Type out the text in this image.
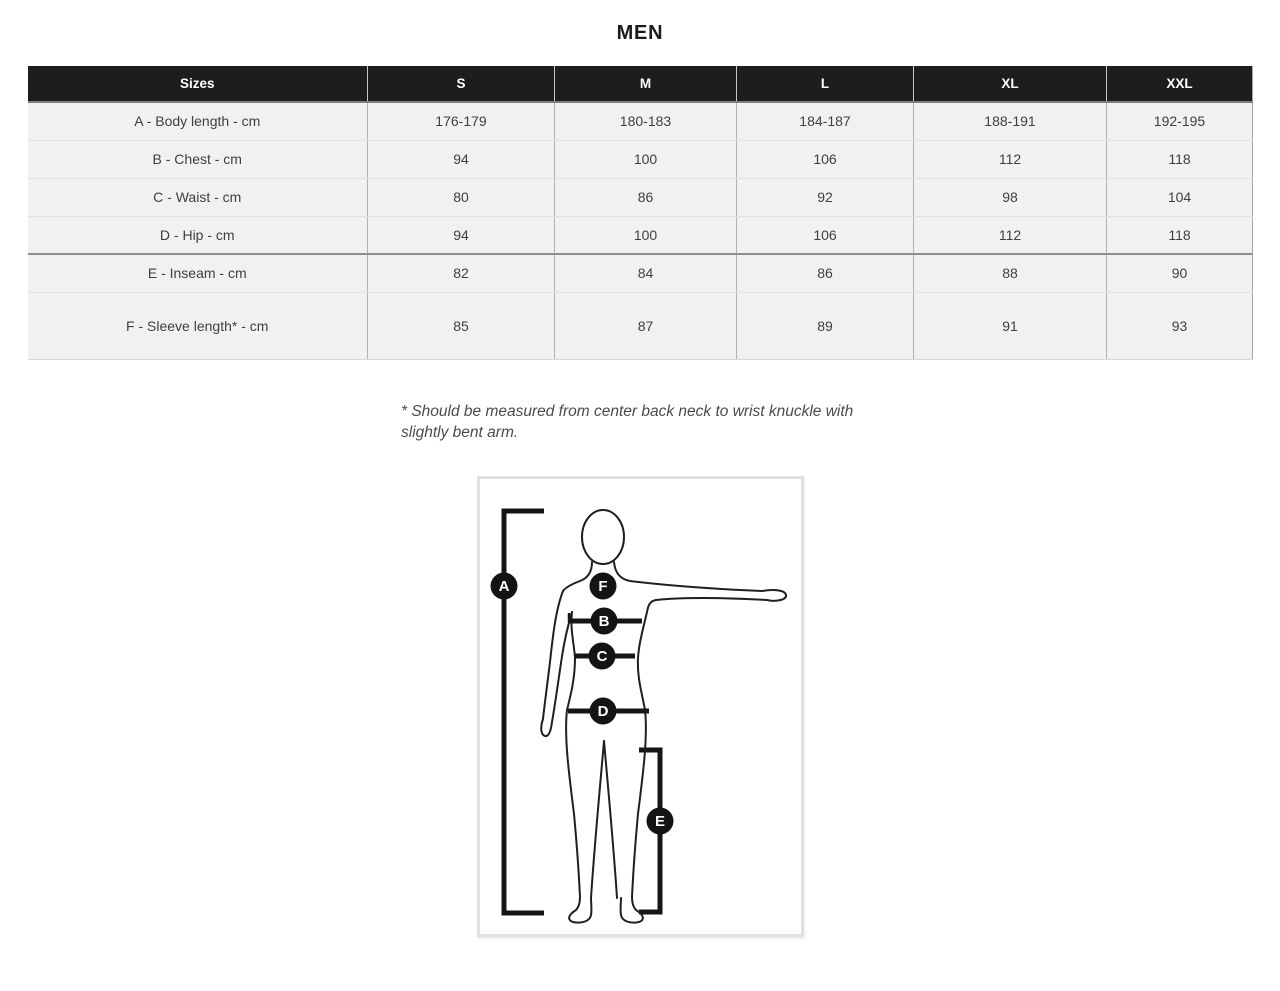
MEN
Sizes	S	M	L	XL	XXL
A - Body length - cm	176-179	180-183	184-187	188-191	192-195
B - Chest - cm	94	100	106	112	118
C - Waist - cm	80	86	92	98	104
D - Hip - cm	94	100	106	112	118
E - Inseam - cm	82	84	86	88	90
F - Sleeve length* - cm	85	87	89	91	93

* Should be measured from center back neck to wrist knuckle with slightly bent arm.

A	F
B
C
D
E
